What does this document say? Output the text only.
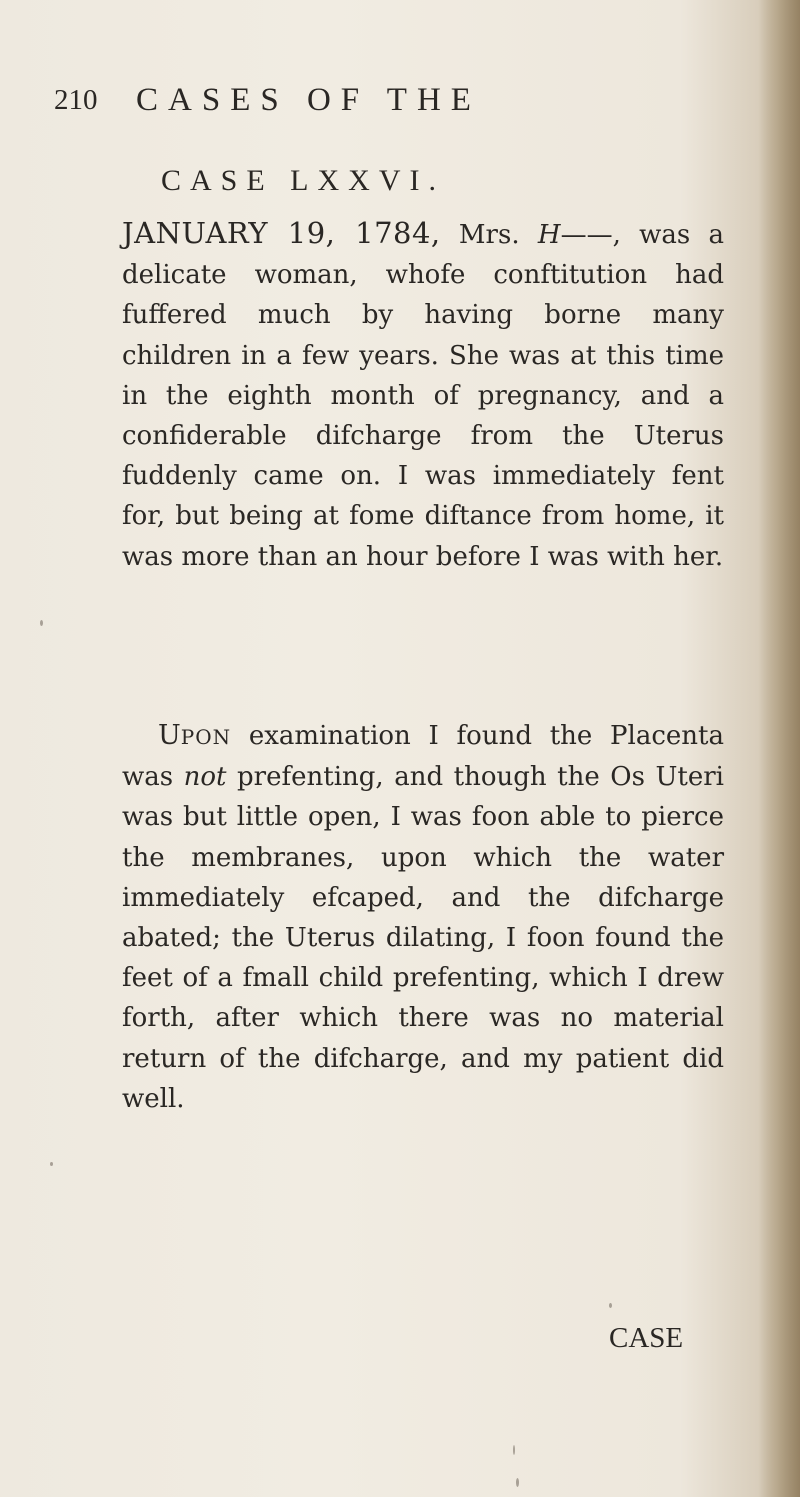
210 CASES OF THE
CASE LXXVI.

JANUARY 19, 1784, Mrs. H——, was a delicate woman, whofe conftitution had fuffered much by having borne many children in a few years. She was at this time in the eighth month of pregnancy, and a confiderable difcharge from the Uterus fuddenly came on. I was immediately fent for, but being at fome diftance from home, it was more than an hour before I was with her.

UPON examination I found the Placenta was not prefenting, and though the Os Uteri was but little open, I was foon able to pierce the membranes, upon which the water immediately efcaped, and the difcharge abated; the Uterus dilating, I foon found the feet of a fmall child prefenting, which I drew forth, after which there was no material return of the difcharge, and my patient did well.

CASE
